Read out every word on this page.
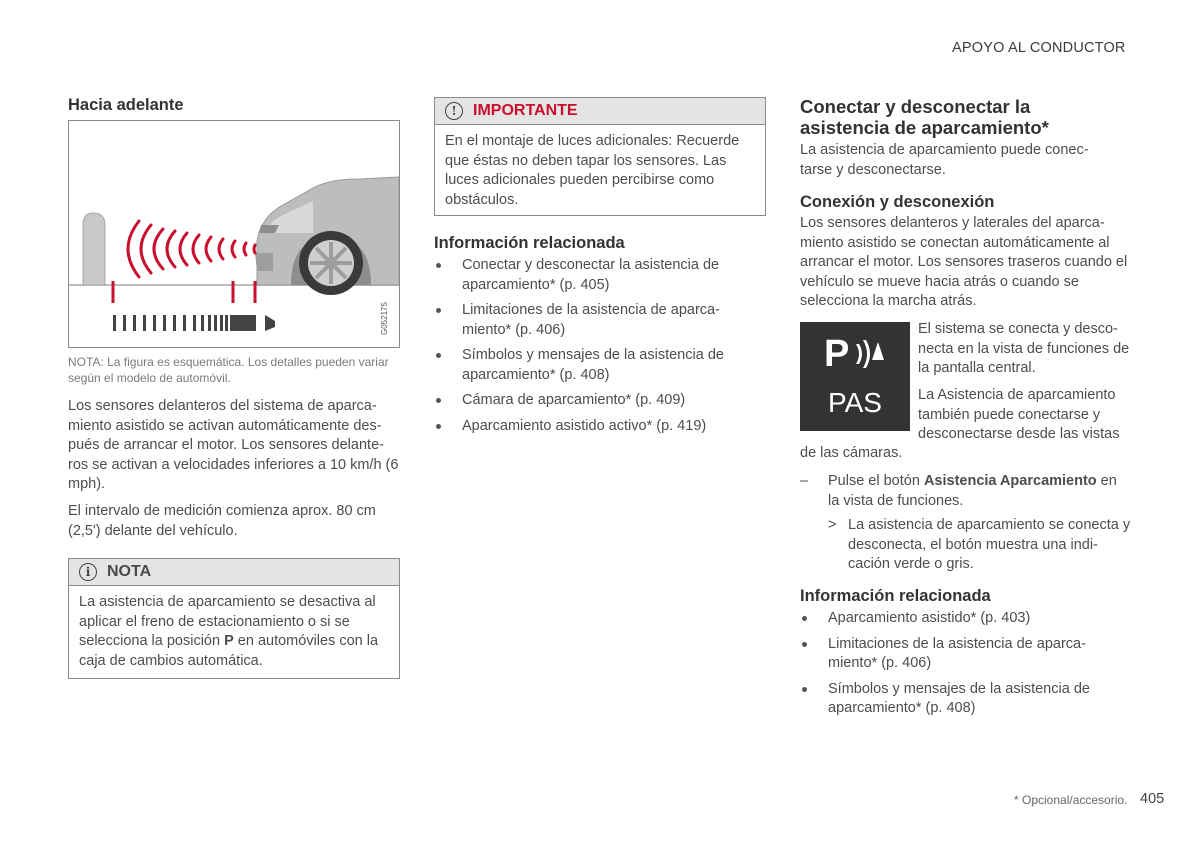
APOYO AL CONDUCTOR
Hacia adelante
G052175
NOTA: La figura es esquemática. Los detalles pueden variar según el modelo de automóvil.
Los sensores delanteros del sistema de aparca-miento asistido se activan automáticamente des-pués de arrancar el motor. Los sensores delante-ros se activan a velocidades inferiores a 10 km/h (6 mph).
El intervalo de medición comienza aprox. 80 cm (2,5') delante del vehículo.
i	NOTA
La asistencia de aparcamiento se desactiva al aplicar el freno de estacionamiento o si se selecciona la posición P en automóviles con la caja de cambios automática.
!	IMPORTANTE
En el montaje de luces adicionales: Recuerde que éstas no deben tapar los sensores. Las luces adicionales pueden percibirse como obstáculos.
Información relacionada
Conectar y desconectar la asistencia de aparcamiento* (p. 405)
Limitaciones de la asistencia de aparca-miento* (p. 406)
Símbolos y mensajes de la asistencia de aparcamiento* (p. 408)
Cámara de aparcamiento* (p. 409)
Aparcamiento asistido activo* (p. 419)
Conectar y desconectar la asistencia de aparcamiento*
La asistencia de aparcamiento puede conec-tarse y desconectarse.
Conexión y desconexión
Los sensores delanteros y laterales del aparca-miento asistido se conectan automáticamente al arrancar el motor. Los sensores traseros cuando el vehículo se mueve hacia atrás o cuando se selecciona la marcha atrás.
P
PAS
El sistema se conecta y desco-necta en la vista de funciones de la pantalla central.
La Asistencia de aparcamiento también puede conectarse y desconectarse desde las vistas
de las cámaras.
–	Pulse el botón Asistencia Aparcamiento en la vista de funciones.
> La asistencia de aparcamiento se conecta y desconecta, el botón muestra una indi-cación verde o gris.
Información relacionada
Aparcamiento asistido* (p. 403)
Limitaciones de la asistencia de aparca-miento* (p. 406)
Símbolos y mensajes de la asistencia de aparcamiento* (p. 408)
* Opcional/accesorio. 405
